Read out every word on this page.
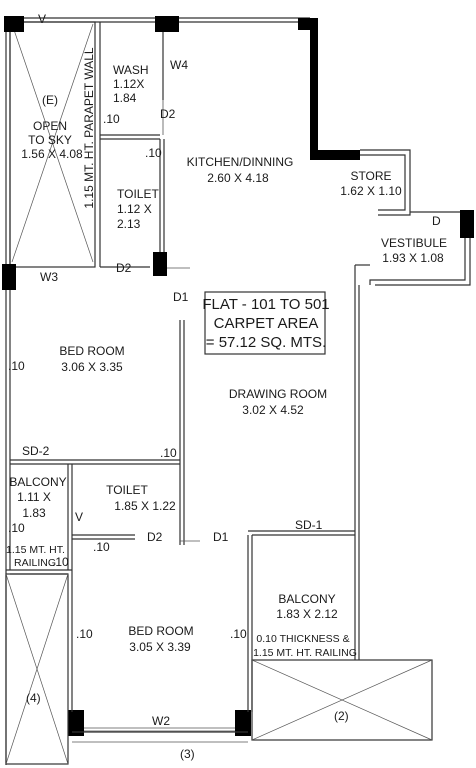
FLAT - 101 TO 501
CARPET AREA
= 57.12 SQ. MTS.
(E)
OPEN
TO SKY
1.56 X 4.08 1.15 MT. HT. PARAPET WALL WASH
1.12X
1.84
W4
D2
.10
.10
KITCHEN/DINNING
2.60 X 4.18	STORE
1.62 X 1.10
D
VESTIBULE
1.93 X 1.08
TOILET
1.12 X
2.13
D2
W3
D1
.10
BED ROOM
3.06 X 3.35
DRAWING ROOM
3.02 X 4.52
.10
SD-2
BALCONY
1.11 X
1.83
.10
1.15 MT. HT.
RAILING
.10
TOILET
1.85 X 1.22
V
.10
D2	D1
SD-1
BALCONY
1.83 X 2.12
0.10 THICKNESS &
1.15 MT. HT. RAILING
.10	BED ROOM
3.05 X 3.39
.10
W2	(2)
(3)
(4)
V
